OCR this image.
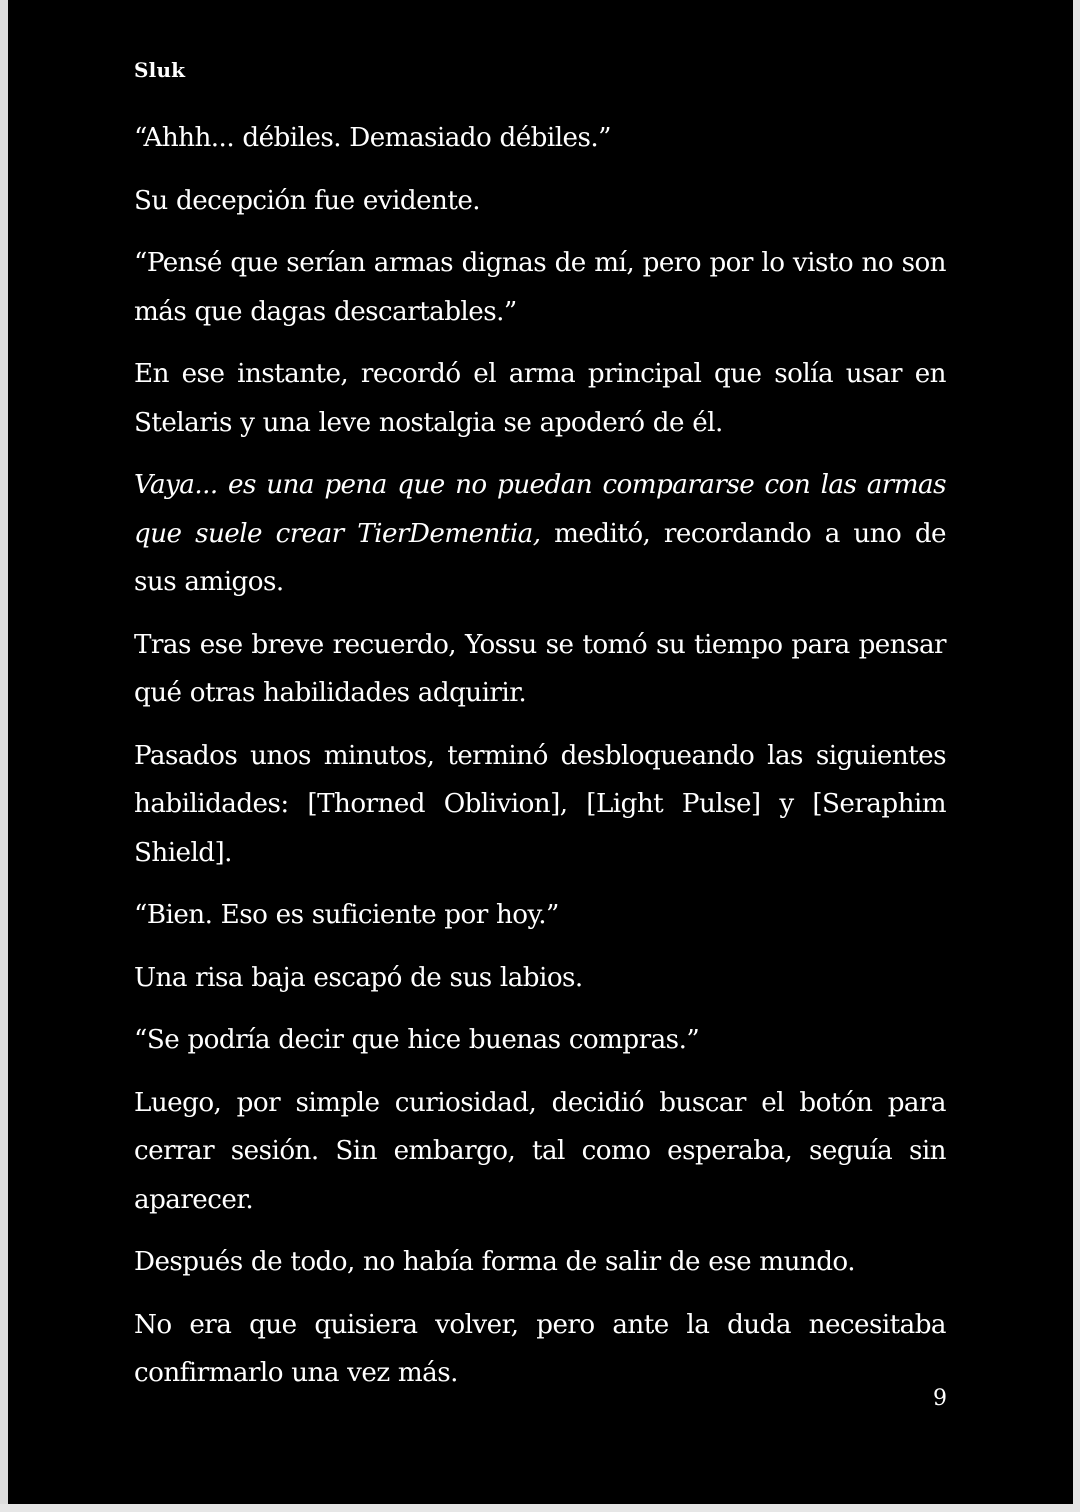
Sluk

“Ahhh... débiles. Demasiado débiles.”

Su decepción fue evidente.

“Pensé que serían armas dignas de mí, pero por lo visto no son más que dagas descartables.”

En ese instante, recordó el arma principal que solía usar en Stelaris y una leve nostalgia se apoderó de él.

Vaya... es una pena que no puedan compararse con las armas que suele crear TierDementia, meditó, recordando a uno de sus amigos.

Tras ese breve recuerdo, Yossu se tomó su tiempo para pensar qué otras habilidades adquirir.

Pasados unos minutos, terminó desbloqueando las siguientes habilidades: [Thorned Oblivion], [Light Pulse] y [Seraphim Shield].

“Bien. Eso es suficiente por hoy.”

Una risa baja escapó de sus labios.

“Se podría decir que hice buenas compras.”

Luego, por simple curiosidad, decidió buscar el botón para cerrar sesión. Sin embargo, tal como esperaba, seguía sin aparecer.

Después de todo, no había forma de salir de ese mundo.

No era que quisiera volver, pero ante la duda necesitaba confirmarlo una vez más.

9
